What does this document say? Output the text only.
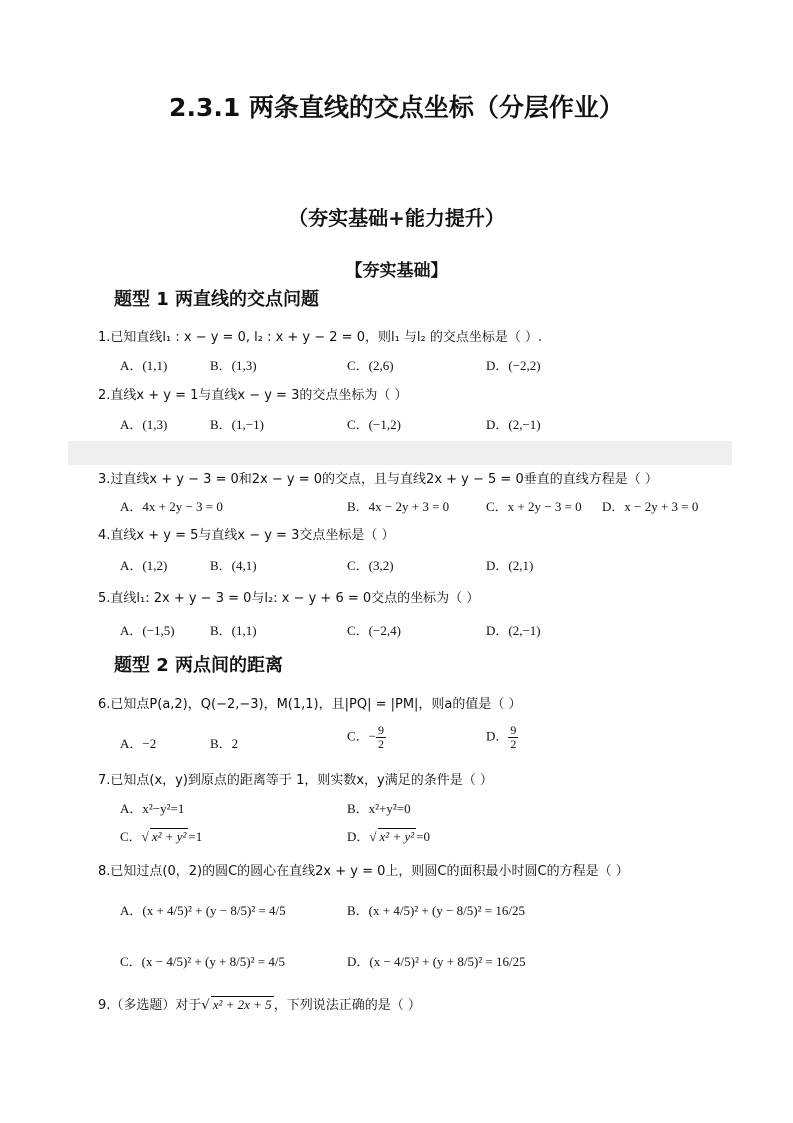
2.3.1 两条直线的交点坐标（分层作业）
（夯实基础+能力提升）
【夯实基础】
题型 1 两直线的交点问题
1.已知直线l₁ : x − y = 0, l₂ : x + y − 2 = 0，则l₁ 与l₂ 的交点坐标是（ ）.
A．(1,1)	B．(1,3)	C．(2,6)	D．(−2,2)
2.直线x + y = 1与直线x − y = 3的交点坐标为（ ）
A．(1,3)	B．(1,−1)	C．(−1,2)	D．(2,−1)
3.过直线x + y − 3 = 0和2x − y = 0的交点，且与直线2x + y − 5 = 0垂直的直线方程是（ ）
A．4x + 2y − 3 = 0	B．4x − 2y + 3 = 0	C．x + 2y − 3 = 0 D．x − 2y + 3 = 0
4.直线x + y = 5与直线x − y = 3交点坐标是（ ）
A．(1,2)	B．(4,1)	C．(3,2)	D．(2,1)
5.直线l₁: 2x + y − 3 = 0与l₂: x − y + 6 = 0交点的坐标为（ ）
A．(−1,5)	B．(1,1)	C．(−2,4)	D．(2,−1)
题型 2 两点间的距离
6.已知点P(a,2)，Q(−2,−3)，M(1,1)，且|PQ| = |PM|，则a的值是（ ）
A．−2	B．2
C．− $\frac{9}{2}$	D． $\frac{9}{2}$
7.已知点(x，y)到原点的距离等于 1，则实数x，y满足的条件是（ ）
A．x²−y²=1	B．x²+y²=0
C．√ x² + y² =1	D．√ x² + y² =0
8.已知过点(0，2)的圆C的圆心在直线2x + y = 0上，则圆C的面积最小时圆C的方程是（ ）
A．(x + 4/5)² + (y − 8/5)² = 4/5	B．(x + 4/5)² + (y − 8/5)² = 16/25
C．(x − 4/5)² + (y + 8/5)² = 4/5	D．(x − 4/5)² + (y + 8/5)² = 16/25
9.（多选题）对于√ x² + 2x + 5 ，下列说法正确的是（ ）
